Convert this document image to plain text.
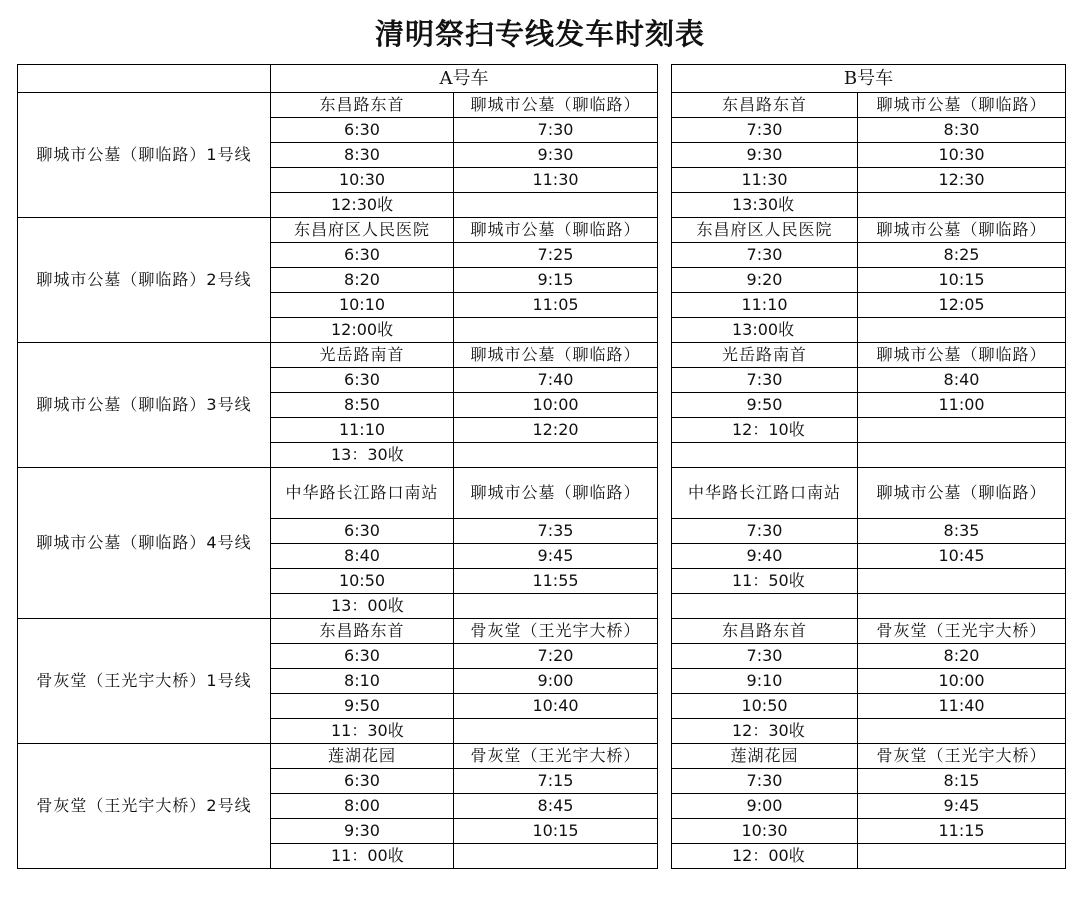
清明祭扫专线发车时刻表
	A号车			B号车	
聊城市公墓（聊临路）1号线	东昌路东首	聊城市公墓（聊临路）		东昌路东首	聊城市公墓（聊临路）
	6:30	7:30		7:30	8:30
	8:30	9:30		9:30	10:30
	10:30	11:30		11:30	12:30
	12:30收			13:30收	
聊城市公墓（聊临路）2号线	东昌府区人民医院	聊城市公墓（聊临路）		东昌府区人民医院	聊城市公墓（聊临路）
	6:30	7:25		7:30	8:25
	8:20	9:15		9:20	10:15
	10:10	11:05		11:10	12:05
	12:00收			13:00收	
聊城市公墓（聊临路）3号线	光岳路南首	聊城市公墓（聊临路）		光岳路南首	聊城市公墓（聊临路）
	6:30	7:40		7:30	8:40
	8:50	10:00		9:50	11:00
	11:10	12:20		12：10收	
	13：30收				
聊城市公墓（聊临路）4号线	中华路长江路口南站	聊城市公墓（聊临路）		中华路长江路口南站	聊城市公墓（聊临路）
	6:30	7:35		7:30	8:35
	8:40	9:45		9:40	10:45
	10:50	11:55		11：50收	
	13：00收				
骨灰堂（王光宇大桥）1号线	东昌路东首	骨灰堂（王光宇大桥）		东昌路东首	骨灰堂（王光宇大桥）
	6:30	7:20		7:30	8:20
	8:10	9:00		9:10	10:00
	9:50	10:40		10:50	11:40
	11：30收			12：30收	
骨灰堂（王光宇大桥）2号线	莲湖花园	骨灰堂（王光宇大桥）		莲湖花园	骨灰堂（王光宇大桥）
	6:30	7:15		7:30	8:15
	8:00	8:45		9:00	9:45
	9:30	10:15		10:30	11:15
	11：00收			12：00收	
